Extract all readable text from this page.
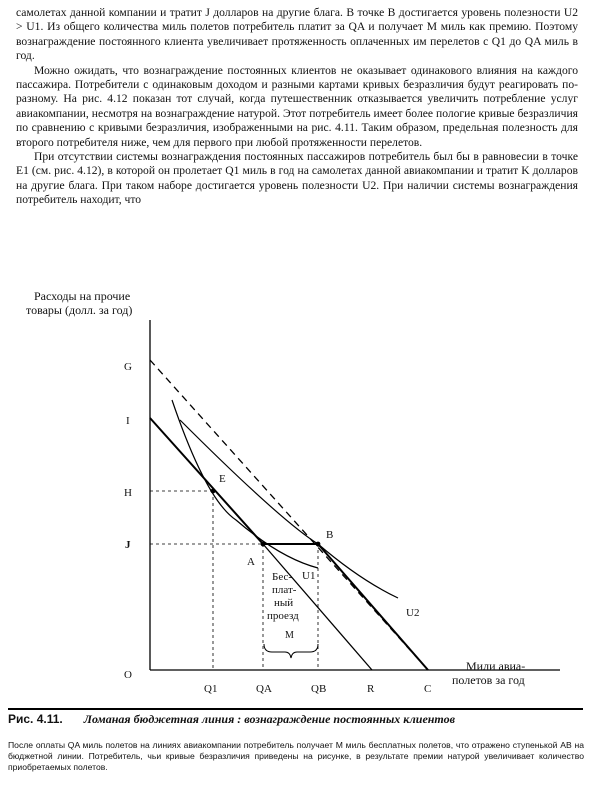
самолетах данной компании и тратит J долларов на другие блага. В точке B достигается уровень полезности U2 > U1. Из общего количества миль полетов потребитель платит за QA и получает M миль как премию. Поэтому вознаграждение постоянного клиента увеличивает протяженность оплаченных им перелетов с Q1 до QA миль в год.

Можно ожидать, что вознаграждение постоянных клиентов не оказывает одинакового влияния на каждого пассажира. Потребители с одинаковым доходом и разными картами кривых безразличия будут реагировать по-разному. На рис. 4.12 показан тот случай, когда путешественник отказывается увеличить потребление услуг авиакомпании, несмотря на вознаграждение натурой. Этот потребитель имеет более пологие кривые безразличия по сравнению с кривыми безразличия, изображенными на рис. 4.11. Таким образом, предельная полезность для второго потребителя ниже, чем для первого при любой протяженности перелетов.

При отсутствии системы вознаграждения постоянных пассажиров потребитель был бы в равновесии в точке E1 (см. рис. 4.12), в которой он пролетает Q1 миль в год на самолетах данной авиакомпании и тратит K долларов на другие блага. При таком наборе достигается уровень полезности U2. При наличии системы вознаграждения потребитель находит, что

Расходы на прочие
товары (долл. за год)
Мили авиа-
полетов за год
O
G
I
H
J
Q1	QA	QB	R	C
E
A
B
U1
U2
Бес-
плат-
ный
проезд
M
Рис. 4.11. Ломаная бюджетная линия : вознаграждение постоянных клиентов
После оплаты QA миль полетов на линиях авиакомпании потребитель получает M миль бесплатных полетов, что отражено ступенькой AB на бюджетной линии. Потребитель, чьи кривые безразличия приведены на рисунке, в результате премии натурой увеличивает количество приобретаемых полетов.
